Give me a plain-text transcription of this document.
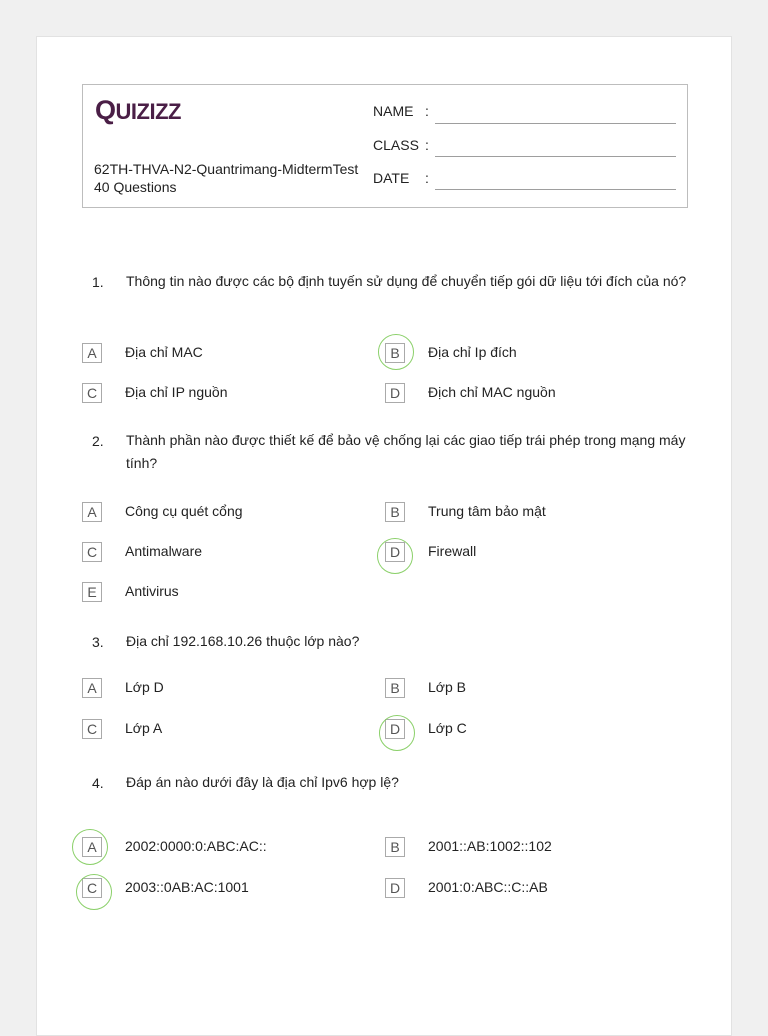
QUIZIZZ
62TH-THVA-N2-Quantrimang-MidtermTest
40 Questions
NAME :
CLASS :
DATE :
1. Thông tin nào được các bộ định tuyến sử dụng để chuyển tiếp gói dữ liệu tới đích của nó?
A	Địa chỉ MAC	B	Địa chỉ Ip đích
C	Địa chỉ IP nguồn	D	Địch chỉ MAC nguồn
2. Thành phần nào được thiết kế để bảo vệ chống lại các giao tiếp trái phép trong mạng máy tính?
A	Công cụ quét cổng	B	Trung tâm bảo mật
C	Antimalware	D	Firewall
E	Antivirus
3. Địa chỉ 192.168.10.26 thuộc lớp nào?
A	Lớp D	B	Lớp B
C	Lớp A	D	Lớp C
4. Đáp án nào dưới đây là địa chỉ Ipv6 hợp lệ?
A	2002:0000:0:ABC:AC::	B	2001::AB:1002::102
C	2003::0AB:AC:1001	D	2001:0:ABC::C::AB
